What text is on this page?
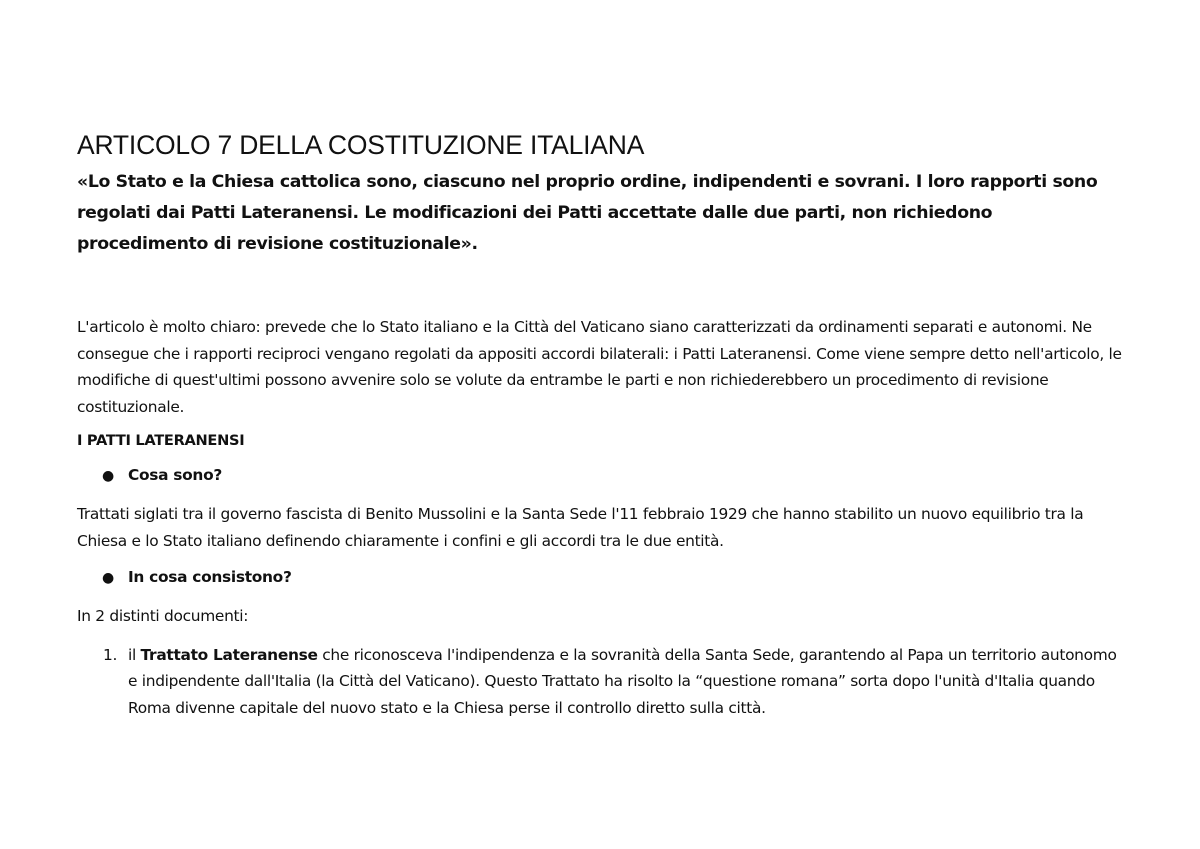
ARTICOLO 7 DELLA COSTITUZIONE ITALIANA

«Lo Stato e la Chiesa cattolica sono, ciascuno nel proprio ordine, indipendenti e sovrani. I loro rapporti sono regolati dai Patti Lateranensi. Le modificazioni dei Patti accettate dalle due parti, non richiedono procedimento di revisione costituzionale».

L'articolo è molto chiaro: prevede che lo Stato italiano e la Città del Vaticano siano caratterizzati da ordinamenti separati e autonomi. Ne consegue che i rapporti reciproci vengano regolati da appositi accordi bilaterali: i Patti Lateranensi. Come viene sempre detto nell'articolo, le modifiche di quest'ultimi possono avvenire solo se volute da entrambe le parti e non richiederebbero un procedimento di revisione costituzionale.

I PATTI LATERANENSI
● Cosa sono?

Trattati siglati tra il governo fascista di Benito Mussolini e la Santa Sede l'11 febbraio 1929 che hanno stabilito un nuovo equilibrio tra la Chiesa e lo Stato italiano definendo chiaramente i confini e gli accordi tra le due entità.

● In cosa consistono?

In 2 distinti documenti:

1. il Trattato Lateranense che riconosceva l'indipendenza e la sovranità della Santa Sede, garantendo al Papa un territorio autonomo e indipendente dall'Italia (la Città del Vaticano). Questo Trattato ha risolto la “questione romana” sorta dopo l'unità d'Italia quando Roma divenne capitale del nuovo stato e la Chiesa perse il controllo diretto sulla città.
